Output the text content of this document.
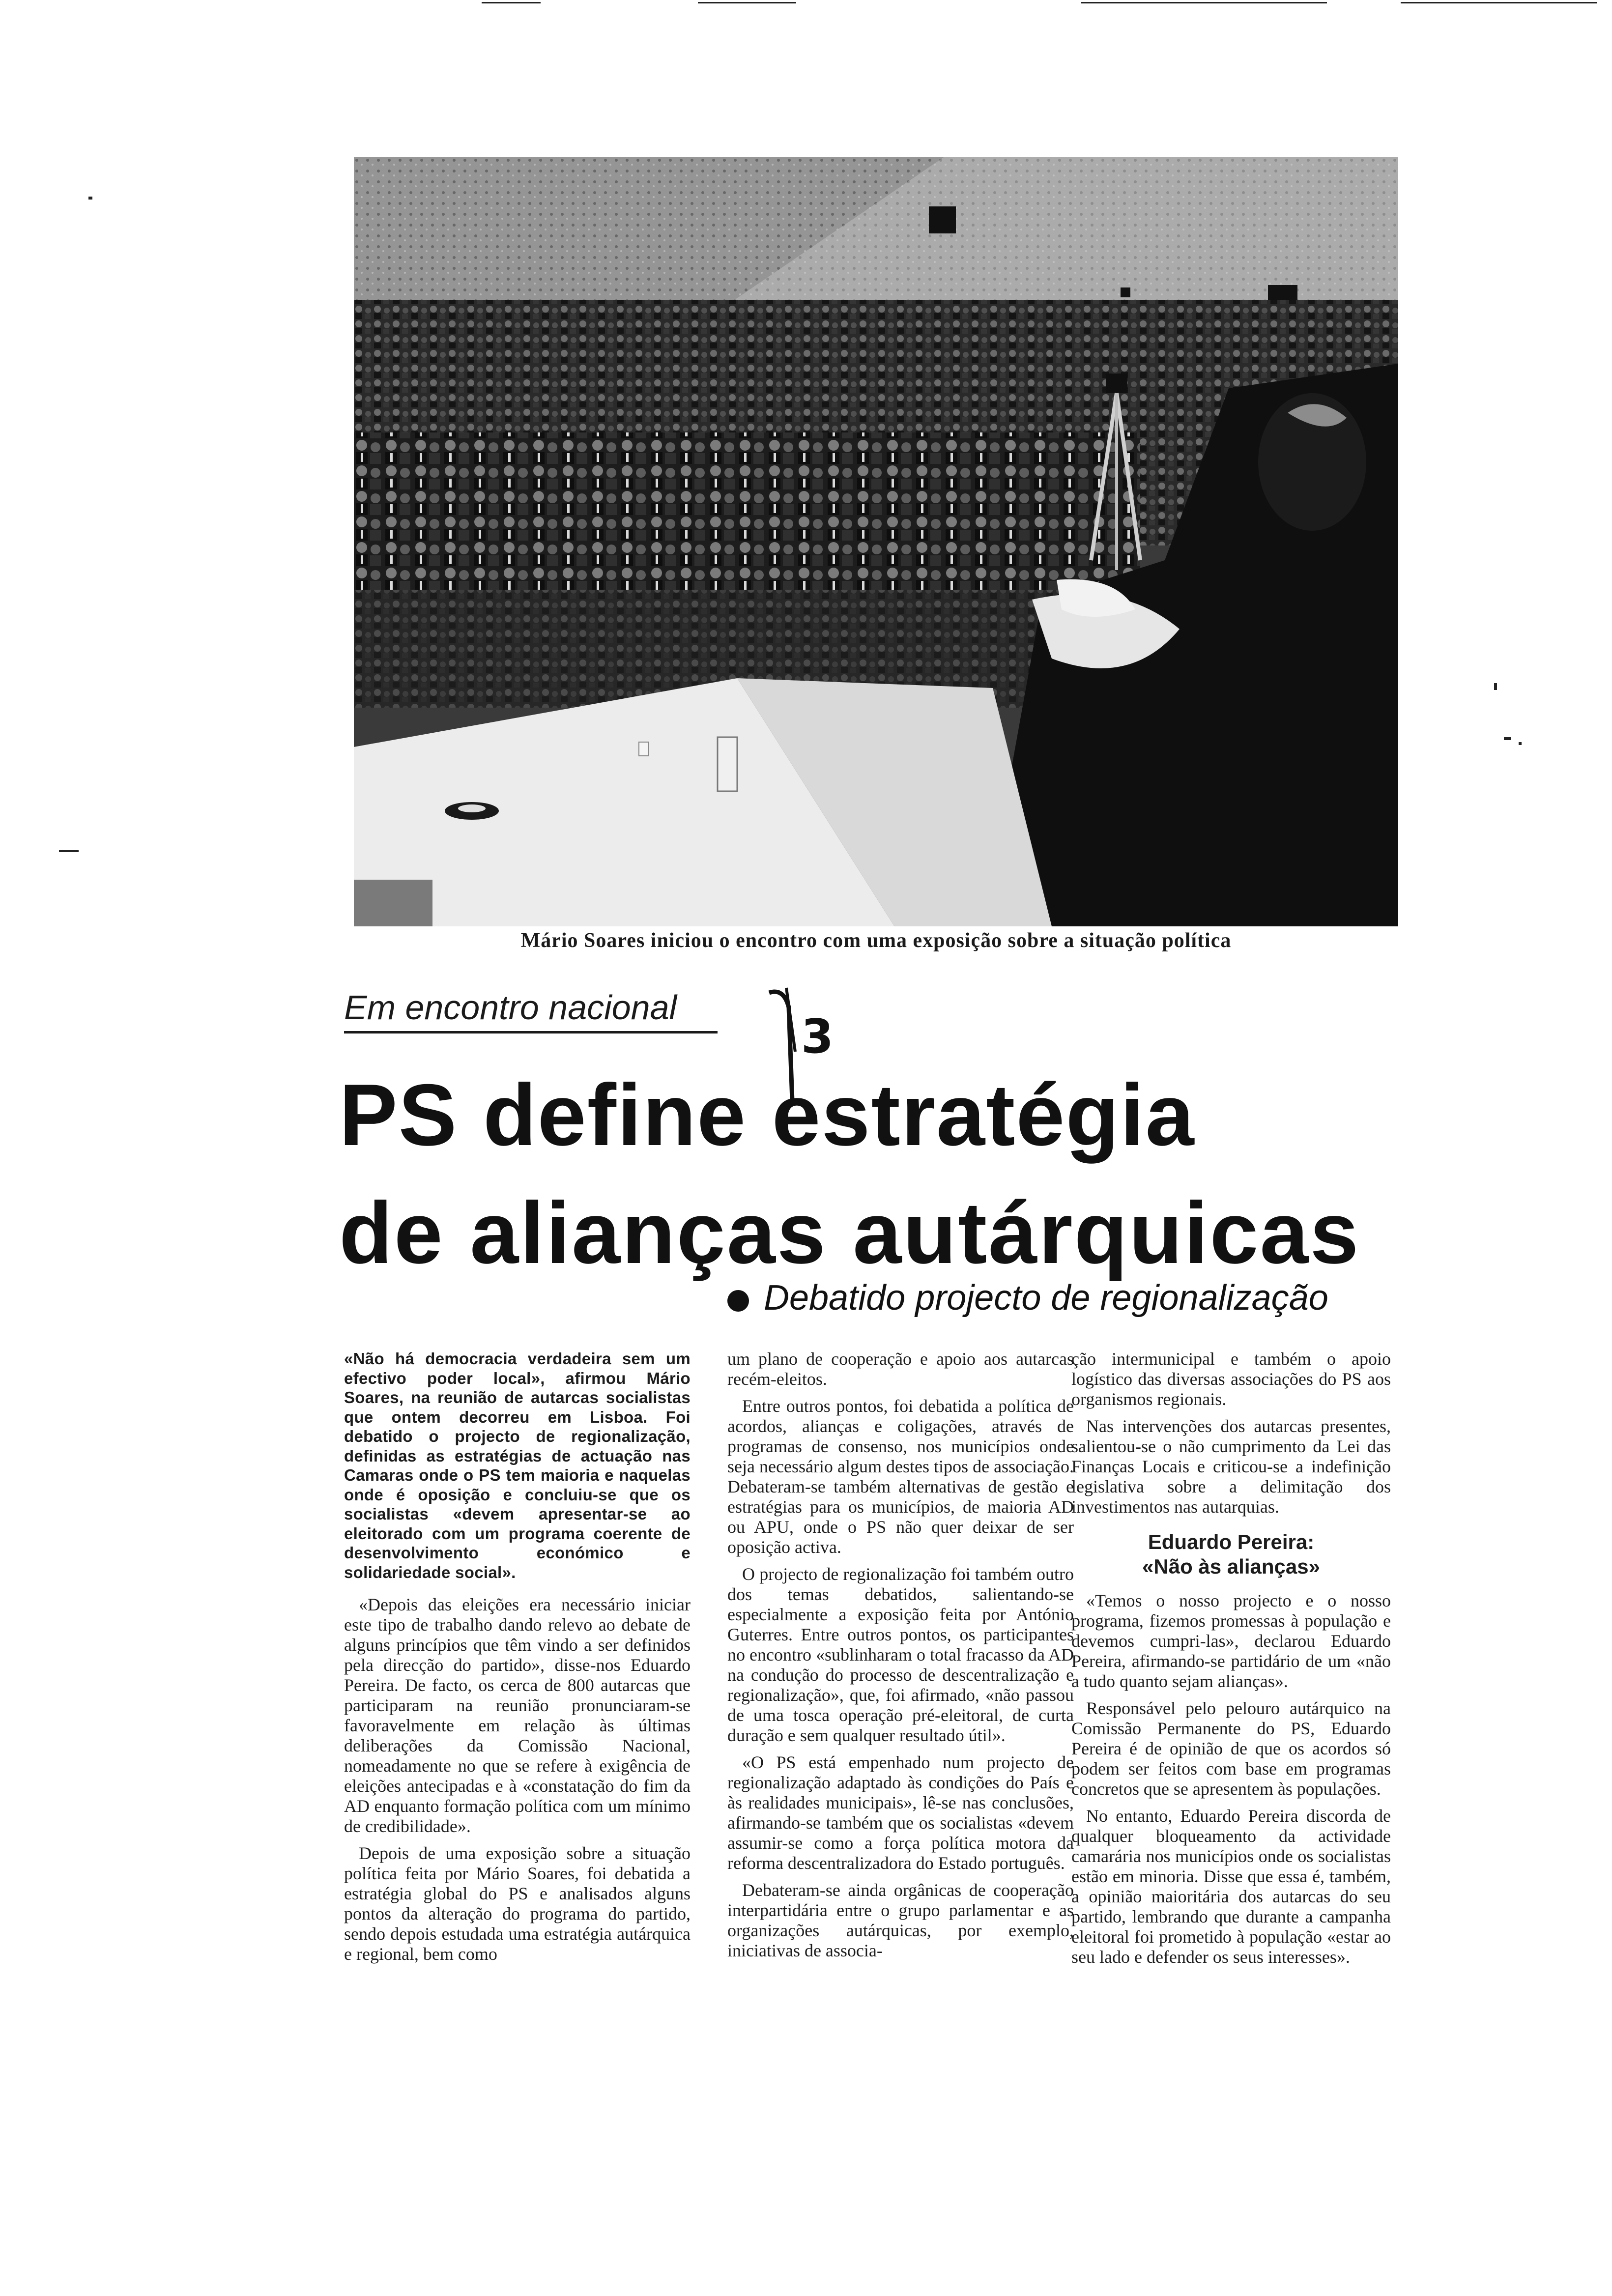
Mário Soares iniciou o encontro com uma exposição sobre a situação política
Em encontro nacional
3
PS define estratégia
de alianças autárquicas
Debatido projecto de regionalização

«Não há democracia verdadeira sem um efectivo poder local», afirmou Mário Soares, na reunião de autarcas socialistas que ontem decorreu em Lisboa. Foi debatido o projecto de regionalização, definidas as estratégias de actuação nas Camaras onde o PS tem maioria e naquelas onde é oposição e concluiu-se que os socialistas «devem apresentar-se ao eleitorado com um programa coerente de desenvolvimento económico e solidariedade social».

«Depois das eleições era necessário iniciar este tipo de trabalho dando relevo ao debate de alguns princípios que têm vindo a ser definidos pela direcção do partido», disse-nos Eduardo Pereira. De facto, os cerca de 800 autarcas que participaram na reunião pronunciaram-se favoravelmente em relação às últimas deliberações da Comissão Nacional, nomeadamente no que se refere à exigência de eleições antecipadas e à «constatação do fim da AD enquanto formação política com um mínimo de credibilidade».

Depois de uma exposição sobre a situação política feita por Mário Soares, foi debatida a estratégia global do PS e analisados alguns pontos da alteração do programa do partido, sendo depois estudada uma estratégia autárquica e regional, bem como

um plano de cooperação e apoio aos autarcas recém-eleitos.

Entre outros pontos, foi debatida a política de acordos, alianças e coligações, através de programas de consenso, nos municípios onde seja necessário algum destes tipos de associação. Debateram-se também alternativas de gestão e estratégias para os municípios, de maioria AD ou APU, onde o PS não quer deixar de ser oposição activa.

O projecto de regionalização foi também outro dos temas debatidos, salientando-se especialmente a exposição feita por António Guterres. Entre outros pontos, os participantes no encontro «sublinharam o total fracasso da AD na condução do processo de descentralização e regionalização», que, foi afirmado, «não passou de uma tosca operação pré-eleitoral, de curta duração e sem qualquer resultado útil».

«O PS está empenhado num projecto de regionalização adaptado às condições do País e às realidades municipais», lê-se nas conclusões, afirmando-se também que os socialistas «devem assumir-se como a força política motora da reforma descentralizadora do Estado português.

Debateram-se ainda orgânicas de cooperação interpartidária entre o grupo parlamentar e as organizações autárquicas, por exemplo, iniciativas de associa-

ção intermunicipal e também o apoio logístico das diversas associações do PS aos organismos regionais.

Nas intervenções dos autarcas presentes, salientou-se o não cumprimento da Lei das Finanças Locais e criticou-se a indefinição legislativa sobre a delimitação dos investimentos nas autarquias.

Eduardo Pereira:
«Não às alianças»

«Temos o nosso projecto e o nosso programa, fizemos promessas à população e devemos cumpri-las», declarou Eduardo Pereira, afirmando-se partidário de um «não a tudo quanto sejam alianças».

Responsável pelo pelouro autárquico na Comissão Permanente do PS, Eduardo Pereira é de opinião de que os acordos só podem ser feitos com base em programas concretos que se apresentem às populações.

No entanto, Eduardo Pereira discorda de qualquer bloqueamento da actividade camarária nos municípios onde os socialistas estão em minoria. Disse que essa é, também, a opinião maioritária dos autarcas do seu partido, lembrando que durante a campanha eleitoral foi prometido à população «estar ao seu lado e defender os seus interesses».
